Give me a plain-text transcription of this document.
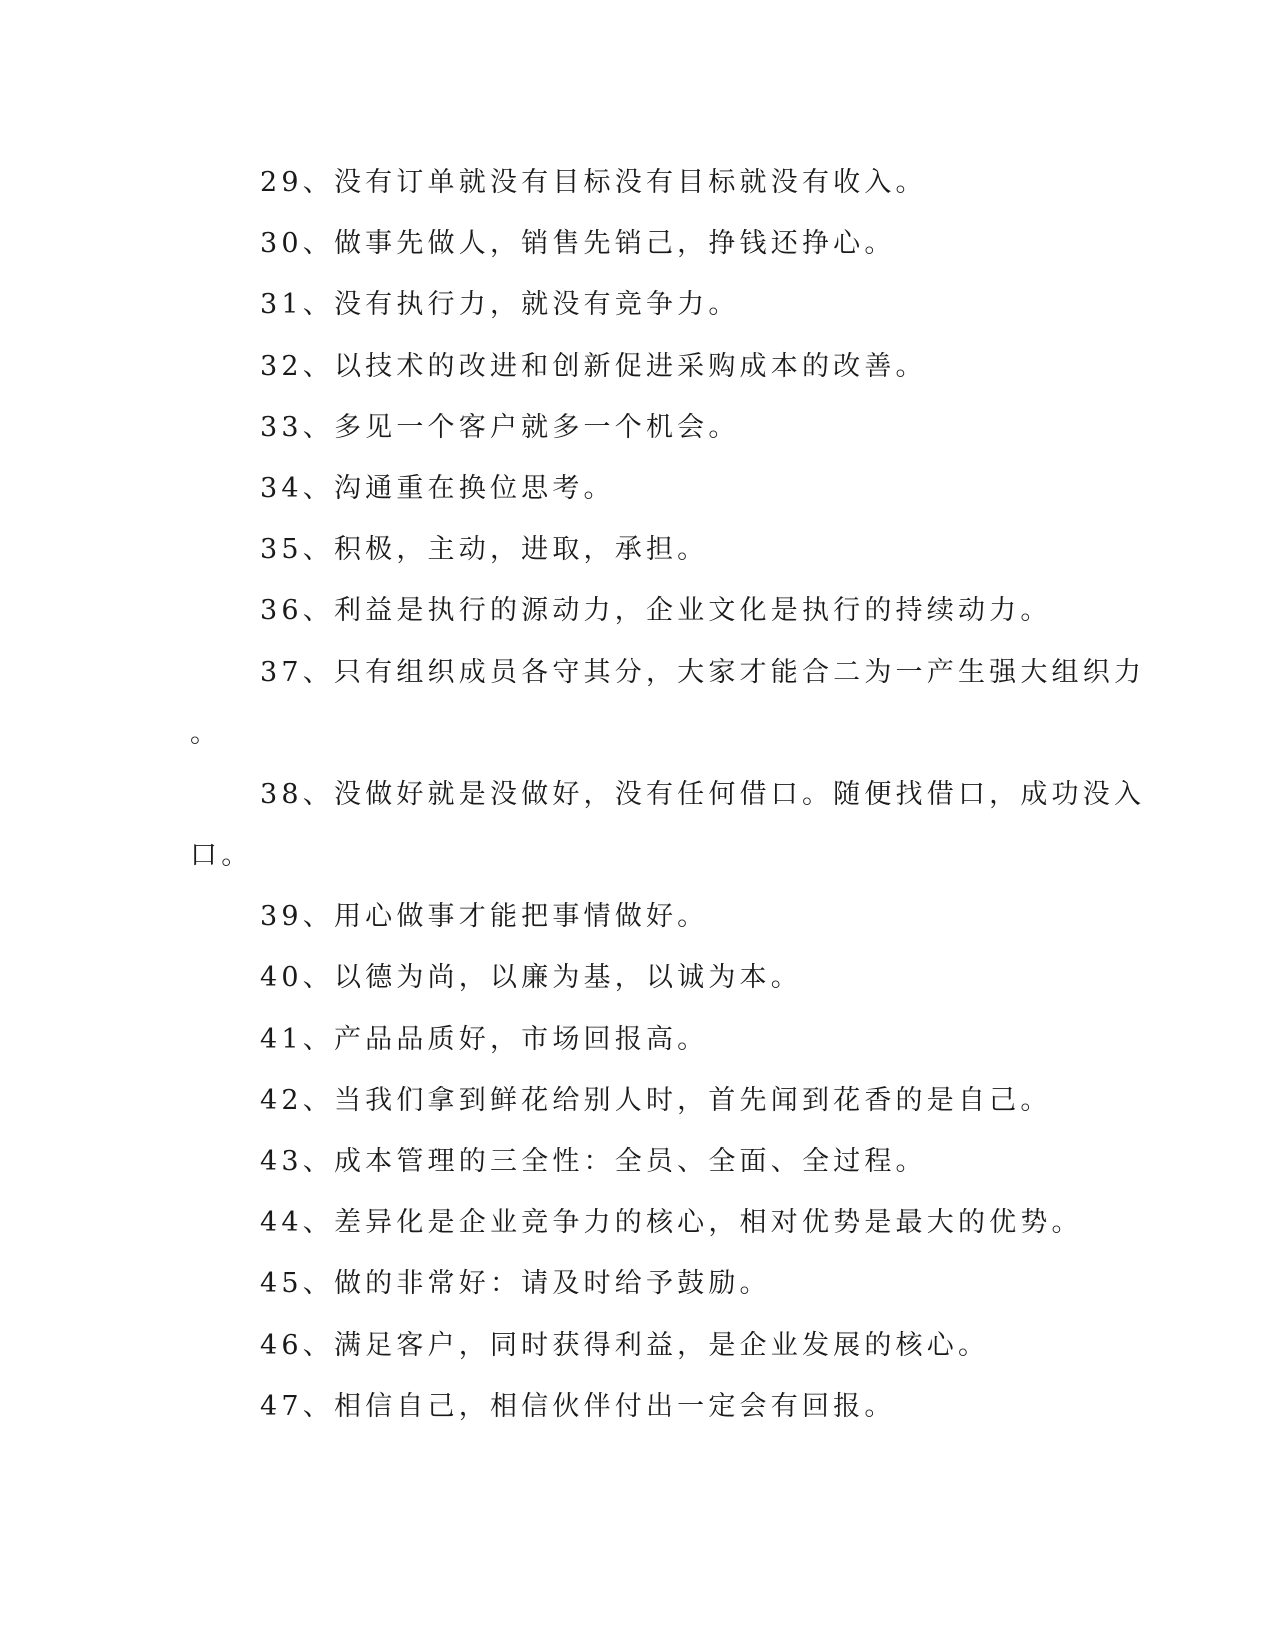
29、没有订单就没有目标没有目标就没有收入。
30、做事先做人，销售先销己，挣钱还挣心。
31、没有执行力，就没有竞争力。
32、以技术的改进和创新促进采购成本的改善。
33、多见一个客户就多一个机会。
34、沟通重在换位思考。
35、积极，主动，进取，承担。
36、利益是执行的源动力，企业文化是执行的持续动力。
37、只有组织成员各守其分，大家才能合二为一产生强大组织力
。
38、没做好就是没做好，没有任何借口。随便找借口，成功没入
口。
39、用心做事才能把事情做好。
40、以德为尚，以廉为基，以诚为本。
41、产品品质好，市场回报高。
42、当我们拿到鲜花给别人时，首先闻到花香的是自己。
43、成本管理的三全性：全员、全面、全过程。
44、差异化是企业竞争力的核心，相对优势是最大的优势。
45、做的非常好：请及时给予鼓励。
46、满足客户，同时获得利益，是企业发展的核心。
47、相信自己，相信伙伴付出一定会有回报。
